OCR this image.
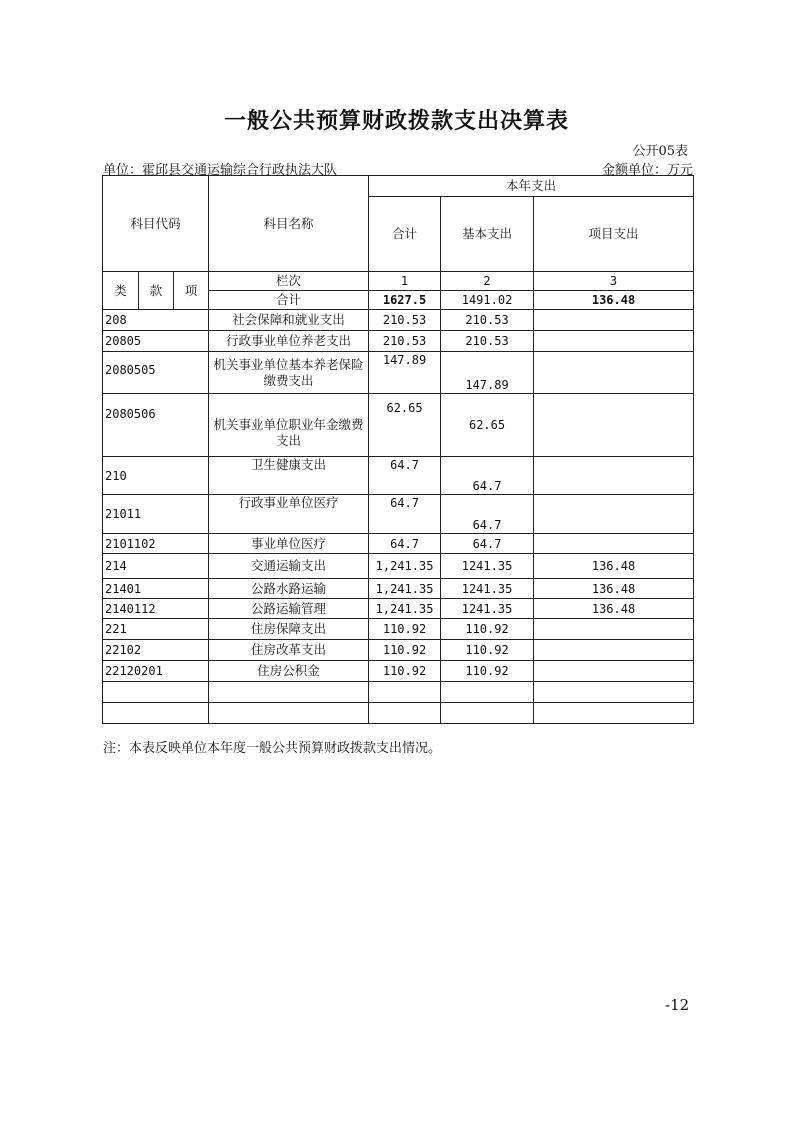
一般公共预算财政拨款支出决算表
公开05表
单位：霍邱县交通运输综合行政执法大队	金额单位：万元
科目代码			科目名称	本年支出		
				合计	基本支出	项目支出

类	款	项	栏次	1	2	3
			合计	1627.5	1491.02	136.48
208			社会保障和就业支出	210.53	210.53	
20805			行政事业单位养老支出	210.53	210.53	
2080505			机关事业单位基本养老保险缴费支出	147.89	147.89	
2080506			机关事业单位职业年金缴费支出	62.65	62.65	
210			卫生健康支出	64.7	64.7	
21011			行政事业单位医疗	64.7	64.7	
2101102			事业单位医疗	64.7	64.7	
214			交通运输支出	1,241.35	1241.35	136.48
21401			公路水路运输	1,241.35	1241.35	136.48
2140112			公路运输管理	1,241.35	1241.35	136.48
221			住房保障支出	110.92	110.92	
22102			住房改革支出	110.92	110.92	
22120201			住房公积金	110.92	110.92	

注：本表反映单位本年度一般公共预算财政拨款支出情况。
-12
